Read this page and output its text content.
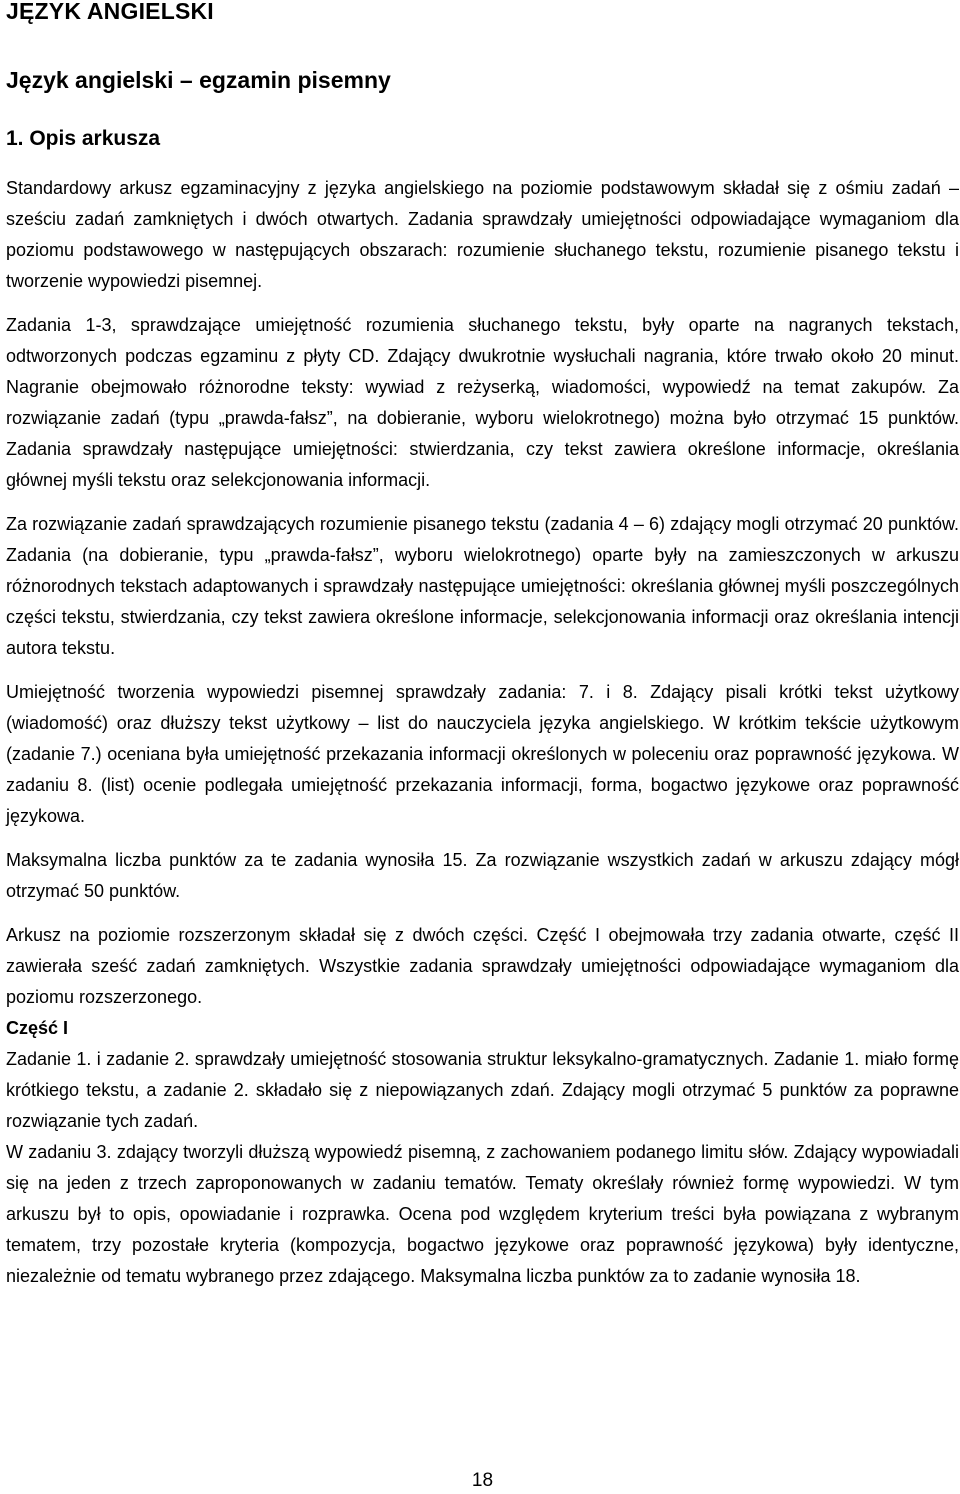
JĘZYK ANGIELSKI
Język angielski – egzamin pisemny
1. Opis arkusza

Standardowy arkusz egzaminacyjny z języka angielskiego na poziomie podstawowym składał się z ośmiu zadań – sześciu zadań zamkniętych i dwóch otwartych. Zadania sprawdzały umiejętności odpowiadające wymaganiom dla poziomu podstawowego w następujących obszarach: rozumienie słuchanego tekstu, rozumienie pisanego tekstu i tworzenie wypowiedzi pisemnej.

Zadania 1-3, sprawdzające umiejętność rozumienia słuchanego tekstu, były oparte na nagranych tekstach, odtworzonych podczas egzaminu z płyty CD. Zdający dwukrotnie wysłuchali nagrania, które trwało około 20 minut. Nagranie obejmowało różnorodne teksty: wywiad z reżyserką, wiadomości, wypowiedź na temat zakupów. Za rozwiązanie zadań (typu „prawda-fałsz”, na dobieranie, wyboru wielokrotnego) można było otrzymać 15 punktów. Zadania sprawdzały następujące umiejętności: stwierdzania, czy tekst zawiera określone informacje, określania głównej myśli tekstu oraz selekcjonowania informacji.

Za rozwiązanie zadań sprawdzających rozumienie pisanego tekstu (zadania 4 – 6) zdający mogli otrzymać 20 punktów. Zadania (na dobieranie, typu „prawda-fałsz”, wyboru wielokrotnego) oparte były na zamieszczonych w arkuszu różnorodnych tekstach adaptowanych i sprawdzały następujące umiejętności: określania głównej myśli poszczególnych części tekstu, stwierdzania, czy tekst zawiera określone informacje, selekcjonowania informacji oraz określania intencji autora tekstu.

Umiejętność tworzenia wypowiedzi pisemnej sprawdzały zadania: 7. i 8. Zdający pisali krótki tekst użytkowy (wiadomość) oraz dłuższy tekst użytkowy – list do nauczyciela języka angielskiego. W krótkim tekście użytkowym (zadanie 7.) oceniana była umiejętność przekazania informacji określonych w poleceniu oraz poprawność językowa. W zadaniu 8. (list) ocenie podlegała umiejętność przekazania informacji, forma, bogactwo językowe oraz poprawność językowa.

Maksymalna liczba punktów za te zadania wynosiła 15. Za rozwiązanie wszystkich zadań w arkuszu zdający mógł otrzymać 50 punktów.

Arkusz na poziomie rozszerzonym składał się z dwóch części. Część I obejmowała trzy zadania otwarte, część II zawierała sześć zadań zamkniętych. Wszystkie zadania sprawdzały umiejętności odpowiadające wymaganiom dla poziomu rozszerzonego.

Część I

Zadanie 1. i zadanie 2. sprawdzały umiejętność stosowania struktur leksykalno-gramatycznych. Zadanie 1. miało formę krótkiego tekstu, a zadanie 2. składało się z niepowiązanych zdań. Zdający mogli otrzymać 5 punktów za poprawne rozwiązanie tych zadań.

W zadaniu 3. zdający tworzyli dłuższą wypowiedź pisemną, z zachowaniem podanego limitu słów. Zdający wypowiadali się na jeden z trzech zaproponowanych w zadaniu tematów. Tematy określały również formę wypowiedzi. W tym arkuszu był to opis, opowiadanie i rozprawka. Ocena pod względem kryterium treści była powiązana z wybranym tematem, trzy pozostałe kryteria (kompozycja, bogactwo językowe oraz poprawność językowa) były identyczne, niezależnie od tematu wybranego przez zdającego. Maksymalna liczba punktów za to zadanie wynosiła 18.

18
